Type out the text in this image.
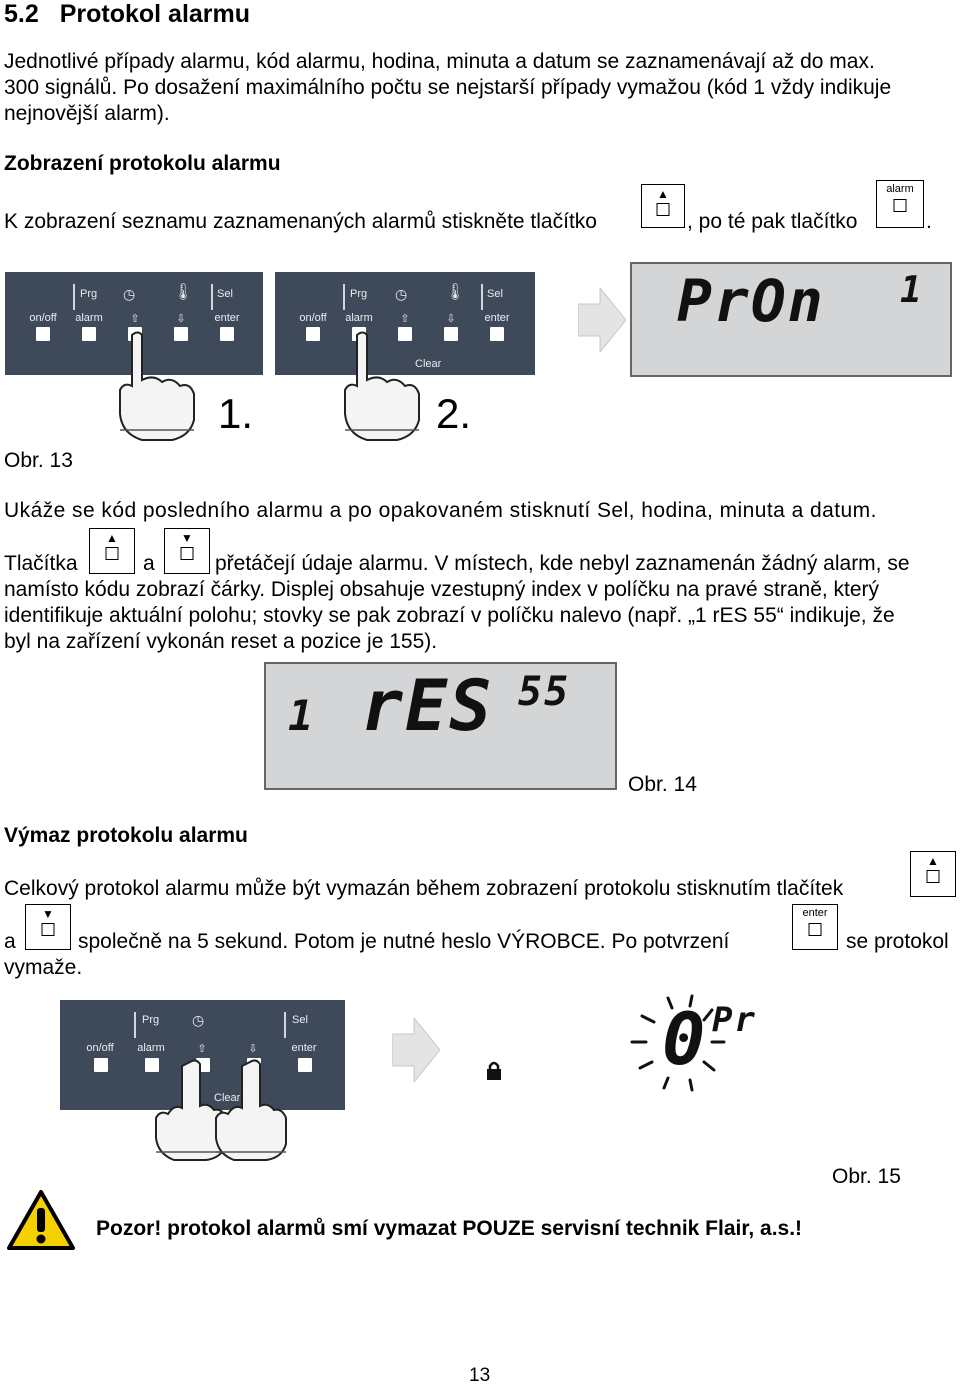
5.2 Protokol alarmu
Jednotlivé případy alarmu, kód alarmu, hodina, minuta a datum se zaznamenávají až do max.
300 signálů. Po dosažení maximálního počtu se nejstarší případy vymažou (kód 1 vždy indikuje
nejnovější alarm).
Zobrazení protokolu alarmu
K zobrazení seznamu zaznamenaných alarmů stiskněte tlačítko
▲
, po té pak tlačítko
alarm
.
Prg ◷ 🌡 Sel
on/off	alarm	⇧	⇩	enter
Prg ◷ 🌡 Sel
on/off	alarm	⇧	⇩	enter
Clear
1.	2.
PrOn 1
Obr. 13
Ukáže se kód posledního alarmu a po opakovaném stisknutí Sel, hodina, minuta a datum.
Tlačítka
▲
a
▼
přetáčejí údaje alarmu. V místech, kde nebyl zaznamenán žádný alarm, se
namísto kódu zobrazí čárky. Displej obsahuje vzestupný index v políčku na pravé straně, který
identifikuje aktuální polohu; stovky se pak zobrazí v políčku nalevo (např. „1 rES 55“ indikuje, že
byl na zařízení vykonán reset a pozice je 155).
1 rES 55
Obr. 14
Výmaz protokolu alarmu
Celkový protokol alarmu může být vymazán během zobrazení protokolu stisknutím tlačítek
▲
a
▼
společně na 5 sekund. Potom je nutné heslo VÝROBCE. Po potvrzení
enter
se protokol
vymaže.
Prg ◷	Sel
on/off	alarm	⇧	⇩	enter
Clear
0 Pr
Obr. 15
Pozor! protokol alarmů smí vymazat POUZE servisní technik Flair, a.s.!
13
